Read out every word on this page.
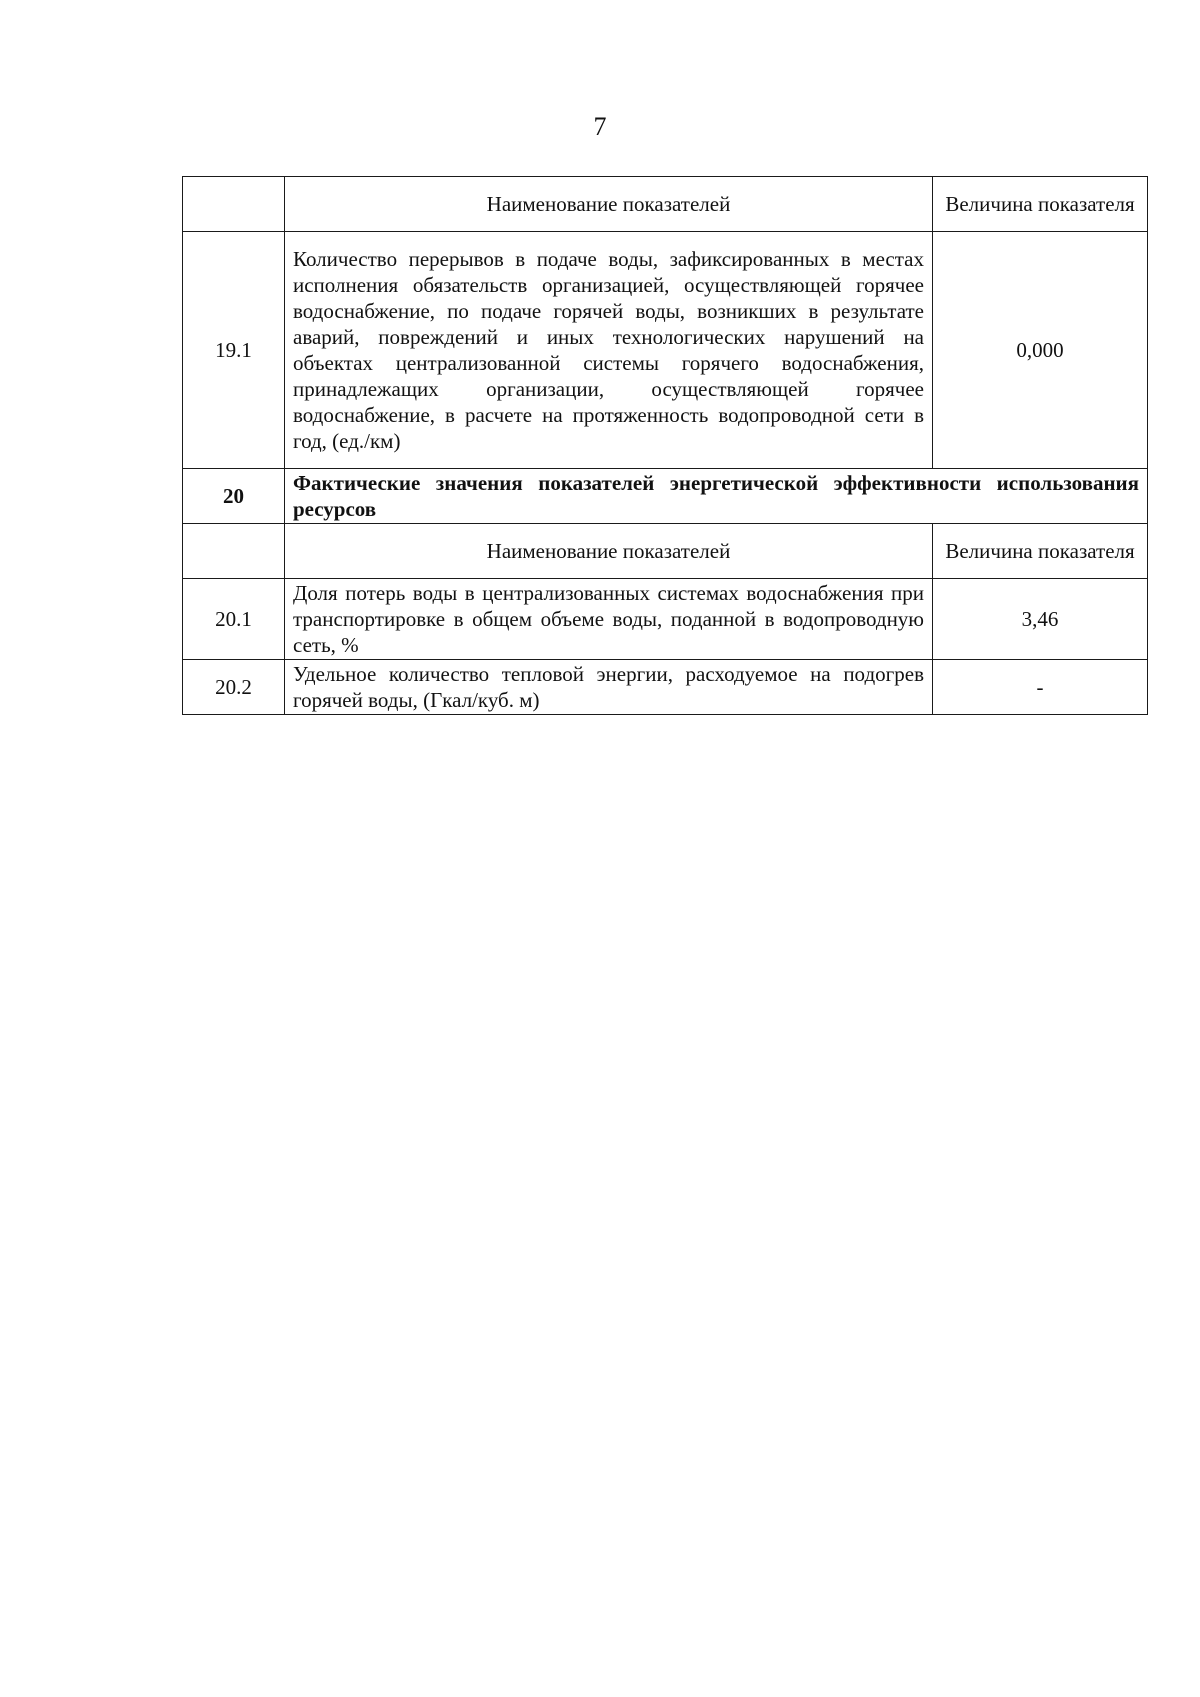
7
	Наименование показателей	Величина показателя
19.1	Количество перерывов в подаче воды, зафиксированных в местах исполнения обязательств организацией, осуществляющей горячее водоснабжение, по подаче горячей воды, возникших в результате аварий, повреждений и иных технологических нарушений на объектах централизованной системы горячего водоснабжения, принадлежащих организации, осуществляющей горячее водоснабжение, в расчете на протяженность водопроводной сети в год, (ед./км)	0,000
20	Фактические значения показателей энергетической эффективности использования ресурсов	
	Наименование показателей	Величина показателя
20.1	Доля потерь воды в централизованных системах водоснабжения при транспортировке в общем объеме воды, поданной в водопроводную сеть, %	3,46
20.2	Удельное количество тепловой энергии, расходуемое на подогрев горячей воды, (Гкал/куб. м)	-
